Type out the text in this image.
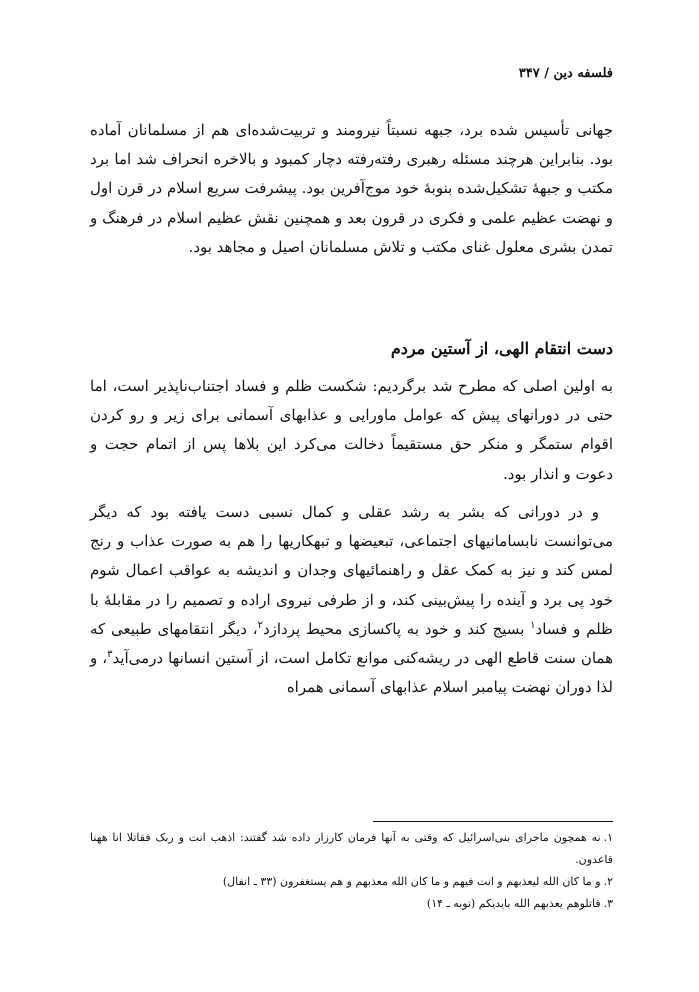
فلسفه دین / ۳۴۷

جهانی تأسیس شده برد، جبهه نسبتاً نیرومند و تربیت‌شده‌ای هم از مسلمانان آماده بود. بنابراین هرچند مسئله رهبری رفته‌رفته دچار کمبود و بالاخره انحراف شد اما برد مکتب و جبهۀ تشکیل‌شده بنوبۀ خود موج‌آفرین بود. پیشرفت سریع اسلام در قرن اول و نهضت عظیم علمی و فکری در قرون بعد و همچنین نقش عظیم اسلام در فرهنگ و تمدن بشری معلول غنای مکتب و تلاش مسلمانان اصیل و مجاهد بود.

دست انتقام الهی، از آستین مردم

به اولین اصلی که مطرح شد برگردیم: شکست ظلم و فساد اجتناب‌ناپذیر است، اما حتی در دورانهای پیش که عوامل ماورایی و عذابهای آسمانی برای زیر و رو کردن اقوام ستمگر و منکر حق مستقیماً دخالت می‌کرد این بلاها پس از اتمام حجت و دعوت و انذار بود.

و در دورانی که بشر به رشد عقلی و کمال نسبی دست یافته بود که دیگر می‌توانست نابسامانیهای اجتماعی، تبعیضها و تبهکاریها را هم به صورت عذاب و رنج لمس کند و نیز به کمک عقل و راهنمائیهای وجدان و اندیشه به عواقب اعمال شوم خود پی برد و آینده را پیش‌بینی کند، و از طرفی نیروی اراده و تصمیم را در مقابلۀ با ظلم و فساد$^۱$ بسیج کند و خود به پاکسازی محیط پردازد$^۲$، دیگر انتقامهای طبیعی که همان سنت قاطع الهی در ریشه‌کنی موانع تکامل است، از آستین انسانها درمی‌آید$^۳$، و لذا دوران نهضت پیامبر اسلام عذابهای آسمانی همراه

۱.نه همچون ماجرای بنی‌اسرائیل که وقتی به آنها فرمان کارزار داده شد گفتند: اذهب انت و ربک فقاتلا انا ههنا قاعدون.

۲.و ما کان الله لیعذبهم و انت فیهم و ما کان الله معذبهم و هم یستغفرون (۳۳ ـ انفال)

۳.قاتلوهم یعذبهم الله بایدیکم (توبه ـ ۱۴)
